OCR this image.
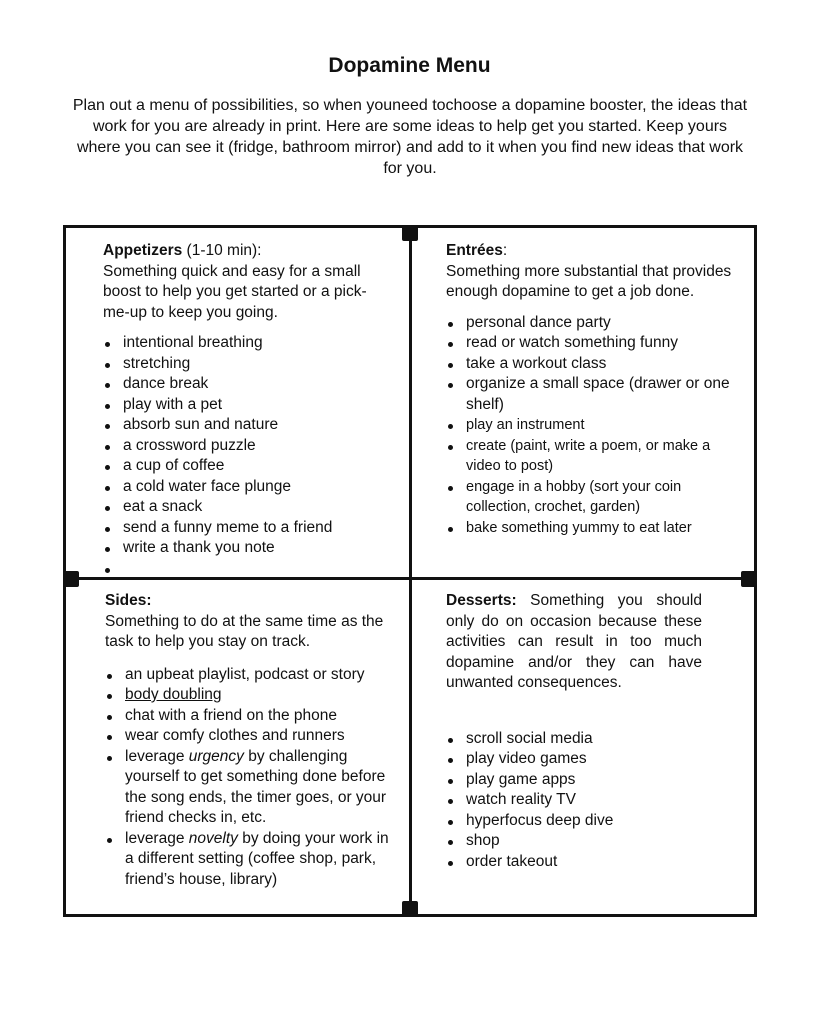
Dopamine Menu

Plan out a menu of possibilities, so when youneed tochoose a dopamine booster, the ideas that work for you are already in print. Here are some ideas to help get you started. Keep yours where you can see it (fridge, bathroom mirror) and add to it when you find new ideas that work for you.

Appetizers (1-10 min):

Something quick and easy for a small boost to help you get started or a pick-me-up to keep you going.

intentional breathing
stretching
dance break
play with a pet
absorb sun and nature
a crossword puzzle
a cup of coffee
a cold water face plunge
eat a snack
send a funny meme to a friend
write a thank you note

Entrées:

Something more substantial that provides enough dopamine to get a job done.

personal dance party
read or watch something funny
take a workout class
organize a small space (drawer or one shelf)
play an instrument
create (paint, write a poem, or make a video to post)
engage in a hobby (sort your coin collection, crochet, garden)
bake something yummy to eat later

Sides:

Something to do at the same time as the task to help you stay on track.

an upbeat playlist, podcast or story
body doubling
chat with a friend on the phone
wear comfy clothes and runners
leverage urgency by challenging yourself to get something done before the song ends, the timer goes, or your friend checks in, etc.
leverage novelty by doing your work in a different setting (coffee shop, park, friend’s house, library)

Desserts: Something you should only do on occasion because these activities can result in too much dopamine and/or they can have unwanted consequences.

scroll social media
play video games
play game apps
watch reality TV
hyperfocus deep dive
shop
order takeout
